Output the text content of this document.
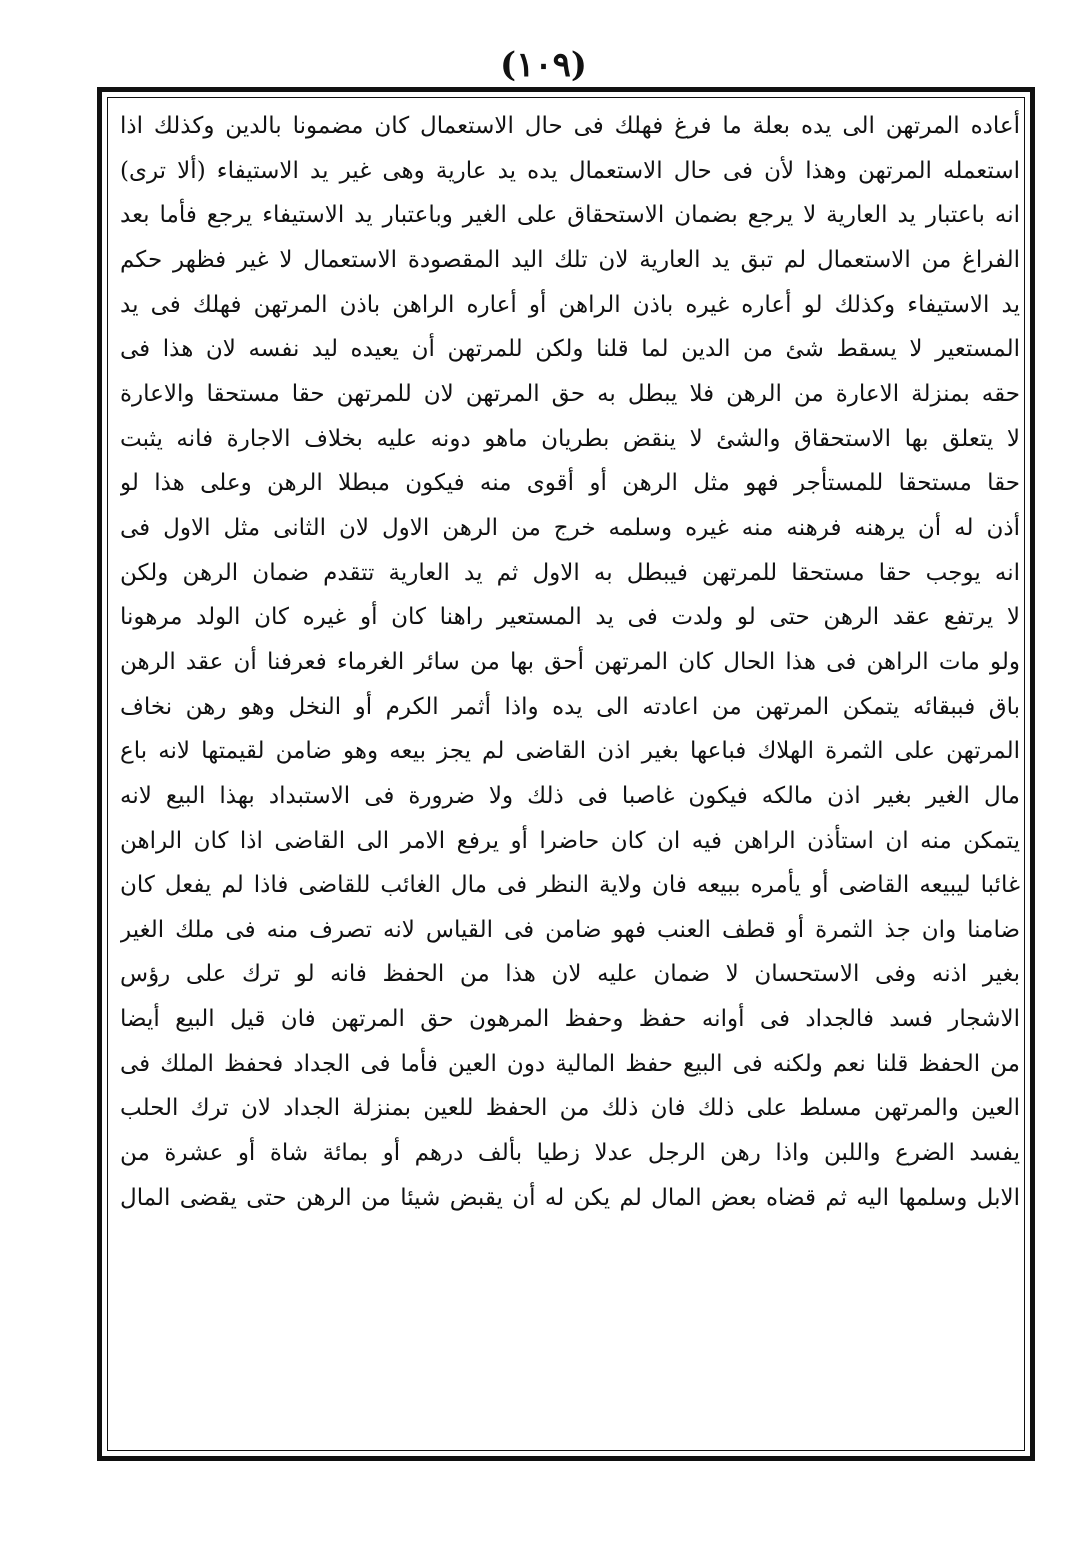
(١٠٩)
أعاده المرتهن الى يده بعلة ما فرغ فهلك فى حال الاستعمال كان مضمونا بالدين وكذلك اذا
استعمله المرتهن وهذا لأن فى حال الاستعمال يده يد عارية وهى غير يد الاستيفاء (ألا ترى)
انه باعتبار يد العارية لا يرجع بضمان الاستحقاق على الغير وباعتبار يد الاستيفاء يرجع فأما بعد
الفراغ من الاستعمال لم تبق يد العارية لان تلك اليد المقصودة الاستعمال لا غير فظهر حكم
يد الاستيفاء وكذلك لو أعاره غيره باذن الراهن أو أعاره الراهن باذن المرتهن فهلك فى يد
المستعير لا يسقط شئ من الدين لما قلنا ولكن للمرتهن أن يعيده ليد نفسه لان هذا فى
حقه بمنزلة الاعارة من الرهن فلا يبطل به حق المرتهن لان للمرتهن حقا مستحقا والاعارة
لا يتعلق بها الاستحقاق والشئ لا ينقض بطريان ماهو دونه عليه بخلاف الاجارة فانه يثبت
حقا مستحقا للمستأجر فهو مثل الرهن أو أقوى منه فيكون مبطلا الرهن وعلى هذا لو
أذن له أن يرهنه فرهنه منه غيره وسلمه خرج من الرهن الاول لان الثانى مثل الاول فى
انه يوجب حقا مستحقا للمرتهن فيبطل به الاول ثم يد العارية تتقدم ضمان الرهن ولكن
لا يرتفع عقد الرهن حتى لو ولدت فى يد المستعير راهنا كان أو غيره كان الولد مرهونا
ولو مات الراهن فى هذا الحال كان المرتهن أحق بها من سائر الغرماء فعرفنا أن عقد الرهن
باق فببقائه يتمكن المرتهن من اعادته الى يده واذا أثمر الكرم أو النخل وهو رهن نخاف
المرتهن على الثمرة الهلاك فباعها بغير اذن القاضى لم يجز بيعه وهو ضامن لقيمتها لانه باع
مال الغير بغير اذن مالكه فيكون غاصبا فى ذلك ولا ضرورة فى الاستبداد بهذا البيع لانه
يتمكن منه ان استأذن الراهن فيه ان كان حاضرا أو يرفع الامر الى القاضى اذا كان الراهن
غائبا ليبيعه القاضى أو يأمره ببيعه فان ولاية النظر فى مال الغائب للقاضى فاذا لم يفعل كان
ضامنا وان جذ الثمرة أو قطف العنب فهو ضامن فى القياس لانه تصرف منه فى ملك الغير
بغير اذنه وفى الاستحسان لا ضمان عليه لان هذا من الحفظ فانه لو ترك على رؤس
الاشجار فسد فالجداد فى أوانه حفظ وحفظ المرهون حق المرتهن فان قيل البيع أيضا
من الحفظ قلنا نعم ولكنه فى البيع حفظ المالية دون العين فأما فى الجداد فحفظ الملك فى
العين والمرتهن مسلط على ذلك فان ذلك من الحفظ للعين بمنزلة الجداد لان ترك الحلب
يفسد الضرع واللبن واذا رهن الرجل عدلا زطيا بألف درهم أو بمائة شاة أو عشرة من
الابل وسلمها اليه ثم قضاه بعض المال لم يكن له أن يقبض شيئا من الرهن حتى يقضى المال
